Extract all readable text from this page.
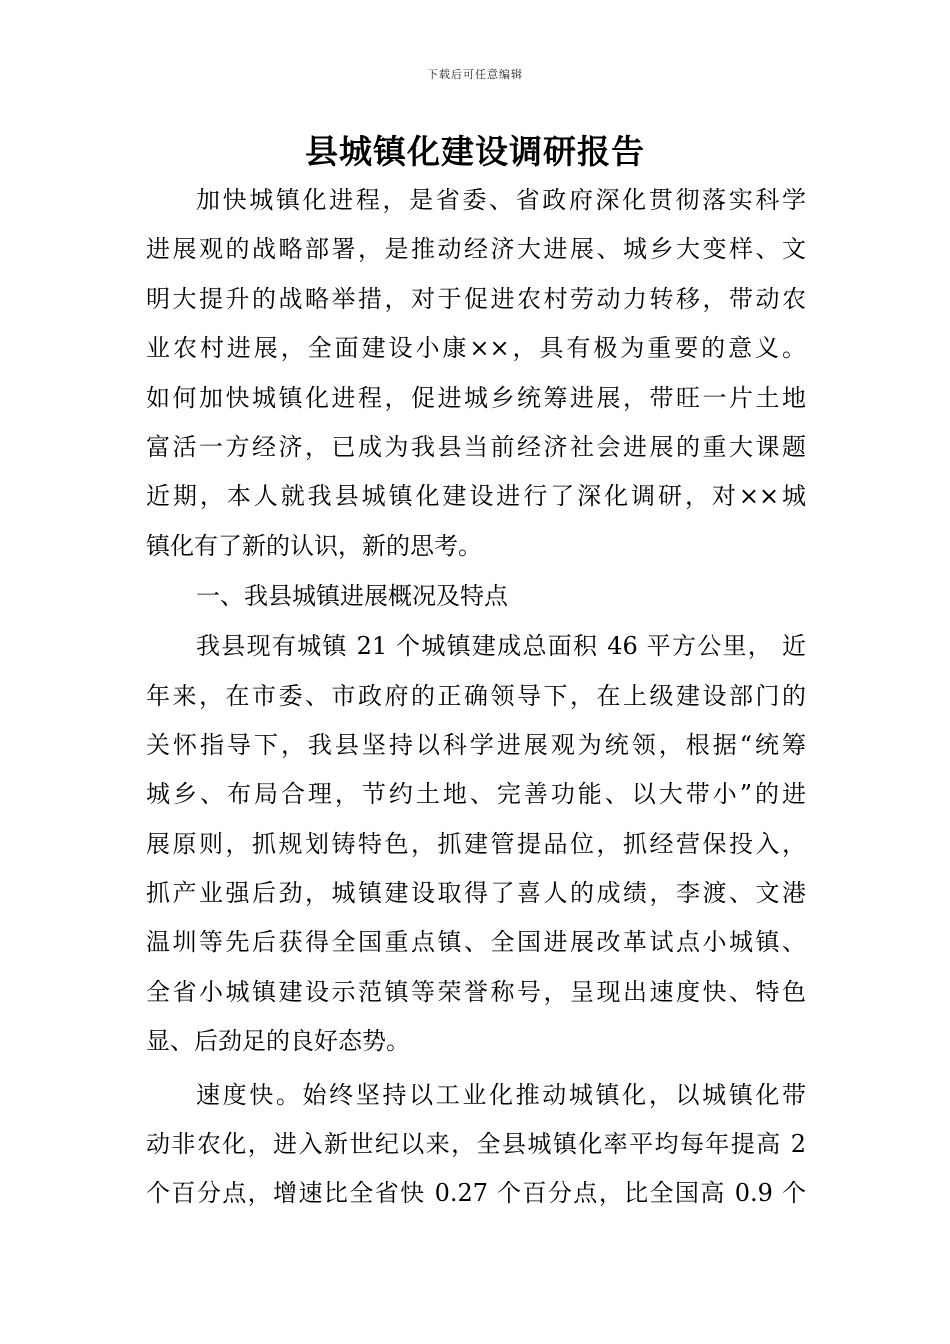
下载后可任意编辑
县城镇化建设调研报告
加快城镇化进程，是省委、省政府深化贯彻落实科学
进展观的战略部署，是推动经济大进展、城乡大变样、文
明大提升的战略举措，对于促进农村劳动力转移，带动农
业农村进展，全面建设小康××，具有极为重要的意义。
如何加快城镇化进程，促进城乡统筹进展，带旺一片土地
富活一方经济，已成为我县当前经济社会进展的重大课题
近期，本人就我县城镇化建设进行了深化调研，对××城
镇化有了新的认识，新的思考。
一、我县城镇进展概况及特点
我县现有城镇 21 个城镇建成总面积 46 平方公里， 近
年来，在市委、市政府的正确领导下，在上级建设部门的
关怀指导下，我县坚持以科学进展观为统领，根据“统筹
城乡、布局合理，节约土地、完善功能、以大带小”的进
展原则，抓规划铸特色，抓建管提品位，抓经营保投入，
抓产业强后劲，城镇建设取得了喜人的成绩，李渡、文港
温圳等先后获得全国重点镇、全国进展改革试点小城镇、
全省小城镇建设示范镇等荣誉称号，呈现出速度快、特色
显、后劲足的良好态势。
速度快。始终坚持以工业化推动城镇化，以城镇化带
动非农化，进入新世纪以来，全县城镇化率平均每年提高 2
个百分点，增速比全省快 0.27 个百分点，比全国高 0.9 个
